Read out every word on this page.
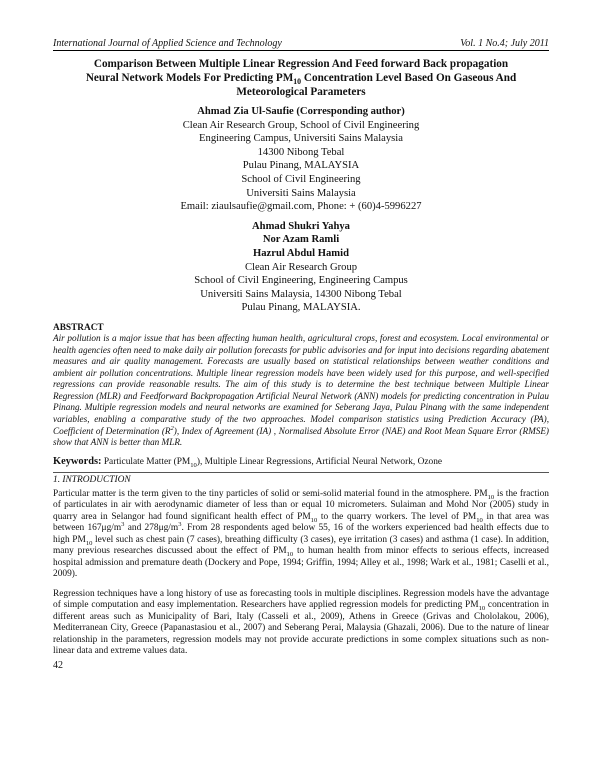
International Journal of Applied Science and Technology	Vol. 1 No.4; July 2011
Comparison Between Multiple Linear Regression And Feed forward Back propagation
Neural Network Models For Predicting $PM_{10}$ Concentration Level Based On Gaseous And
Meteorological Parameters
Ahmad Zia Ul-Saufie (Corresponding author)
Clean Air Research Group, School of Civil Engineering
Engineering Campus, Universiti Sains Malaysia
14300 Nibong Tebal
Pulau Pinang, MALAYSIA
School of Civil Engineering
Universiti Sains Malaysia
Email: ziaulsaufie@gmail.com, Phone: + (60)4-5996227
Ahmad Shukri Yahya
Nor Azam Ramli
Hazrul Abdul Hamid
Clean Air Research Group
School of Civil Engineering, Engineering Campus
Universiti Sains Malaysia, 14300 Nibong Tebal
Pulau Pinang, MALAYSIA.
ABSTRACT
Air pollution is a major issue that has been affecting human health, agricultural crops, forest and ecosystem. Local environmental or health agencies often need to make daily air pollution forecasts for public advisories and for input into decisions regarding abatement measures and air quality management. Forecasts are usually based on statistical relationships between weather conditions and ambient air pollution concentrations. Multiple linear regression models have been widely used for this purpose, and well-specified regressions can provide reasonable results. The aim of this study is to determine the best technique between Multiple Linear Regression (MLR) and Feedforward Backpropagation Artificial Neural Network (ANN) models for predicting concentration in Pulau Pinang. Multiple regression models and neural networks are examined for Seberang Jaya, Pulau Pinang with the same independent variables, enabling a comparative study of the two approaches. Model comparison statistics using Prediction Accuracy (PA), Coefficient of Determination $(R^2)$, Index of Agreement (IA) , Normalised Absolute Error (NAE) and Root Mean Square Error (RMSE) show that ANN is better than MLR.
Keywords: Particulate Matter $(PM_{10})$, Multiple Linear Regressions, Artificial Neural Network, Ozone
1. INTRODUCTION
Particular matter is the term given to the tiny particles of solid or semi-solid material found in the atmosphere. $PM_{10}$ is the fraction of particulates in air with aerodynamic diameter of less than or equal 10 micrometers. Sulaiman and Mohd Nor (2005) study in quarry area in Selangor had found significant health effect of $PM_{10}$ to the quarry workers. The level of $PM_{10}$ in that area was between $167\mu g/m^3$ and $278\mu g/m^3$. From 28 respondents aged below 55, 16 of the workers experienced bad health effects due to high $PM_{10}$ level such as chest pain (7 cases), breathing difficulty (3 cases), eye irritation (3 cases) and asthma (1 case). In addition, many previous researches discussed about the effect of $PM_{10}$ to human health from minor effects to serious effects, increased hospital admission and premature death (Dockery and Pope, 1994; Griffin, 1994; Alley et al., 1998; Wark et al., 1981; Caselli et al., 2009).
Regression techniques have a long history of use as forecasting tools in multiple disciplines. Regression models have the advantage of simple computation and easy implementation. Researchers have applied regression models for predicting $PM_{10}$ concentration in different areas such as Municipality of Bari, Italy (Casseli et al., 2009), Athens in Greece (Grivas and Chololakou, 2006), Mediterranean City, Greece (Papanastasiou et al., 2007) and Seberang Perai, Malaysia (Ghazali, 2006). Due to the nature of linear relationship in the parameters, regression models may not provide accurate predictions in some complex situations such as non-linear data and extreme values data.
42
